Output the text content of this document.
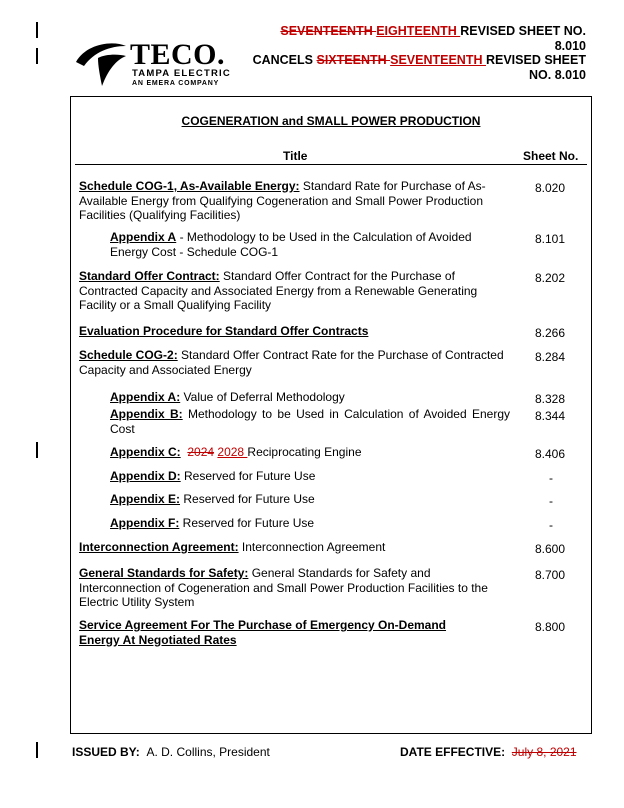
TECO.
TAMPA ELECTRIC
AN EMERA COMPANY
SEVENTEENTH EIGHTEENTH REVISED SHEET NO.
8.010
CANCELS SIXTEENTH SEVENTEENTH REVISED SHEET
NO. 8.010
COGENERATION and SMALL POWER PRODUCTION
Title	Sheet No.
Schedule COG-1, As-Available Energy: Standard Rate for Purchase of As-Available Energy from Qualifying Cogeneration and Small Power Production Facilities (Qualifying Facilities)
8.020
Appendix A - Methodology to be Used in the Calculation of Avoided Energy Cost - Schedule COG-1
8.101
Standard Offer Contract: Standard Offer Contract for the Purchase of Contracted Capacity and Associated Energy from a Renewable Generating Facility or a Small Qualifying Facility
8.202
Evaluation Procedure for Standard Offer Contracts	8.266
Schedule COG-2: Standard Offer Contract Rate for the Purchase of Contracted Capacity and Associated Energy
8.284
Appendix A: Value of Deferral Methodology	8.328
Appendix B: Methodology to be Used in Calculation of Avoided Energy Cost
8.344
Appendix C: 2024 2028 Reciprocating Engine	8.406
Appendix D: Reserved for Future Use	-
Appendix E: Reserved for Future Use	-
Appendix F: Reserved for Future Use	-
Interconnection Agreement: Interconnection Agreement	8.600
General Standards for Safety: General Standards for Safety and Interconnection of Cogeneration and Small Power Production Facilities to the Electric Utility System
8.700
Service Agreement For The Purchase of Emergency On-Demand Energy At Negotiated Rates
8.800
ISSUED BY: A. D. Collins, President	DATE EFFECTIVE: July 8, 2021
